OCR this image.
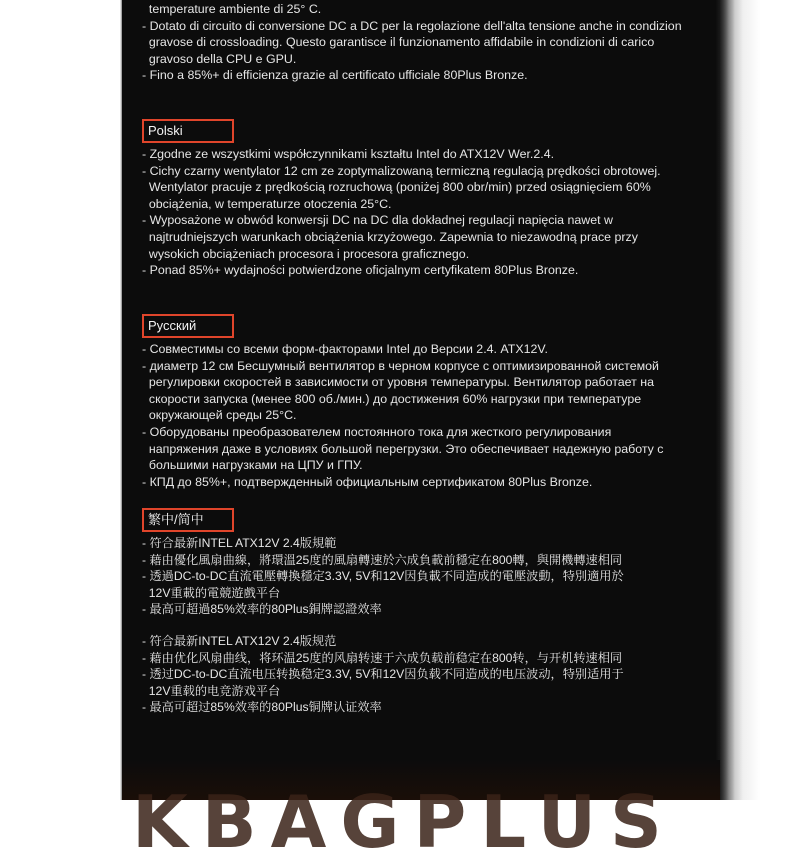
temperature ambiente di 25° C.
- Dotato di circuito di conversione DC a DC per la regolazione dell'alta tensione anche in condizion
gravose di crossloading. Questo garantisce il funzionamento affidabile in condizioni di carico
gravoso della CPU e GPU.
- Fino a 85%+ di efficienza grazie al certificato ufficiale 80Plus Bronze.
Polski
- Zgodne ze wszystkimi współczynnikami kształtu Intel do ATX12V Wer.2.4.
- Cichy czarny wentylator 12 cm ze zoptymalizowaną termiczną regulacją prędkości obrotowej.
Wentylator pracuje z prędkością rozruchową (poniżej 800 obr/min) przed osiągnięciem 60%
obciążenia, w temperaturze otoczenia 25°C.
- Wyposażone w obwód konwersji DC na DC dla dokładnej regulacji napięcia nawet w
najtrudniejszych warunkach obciążenia krzyżowego. Zapewnia to niezawodną prace przy
wysokich obciążeniach procesora i procesora graficznego.
- Ponad 85%+ wydajności potwierdzone oficjalnym certyfikatem 80Plus Bronze.
Русский
- Совместимы со всеми форм-факторами Intel до Версии 2.4. ATX12V.
- диаметр 12 см Бесшумный вентилятор в черном корпусе с оптимизированной системой
регулировки скоростей в зависимости от уровня температуры. Вентилятор работает на
скорости запуска (менее 800 об./мин.) до достижения 60% нагрузки при температуре
окружающей среды 25°С.
- Оборудованы преобразователем постоянного тока для жесткого регулирования
напряжения даже в условиях большой перегрузки. Это обеспечивает надежную работу с
большими нагрузками на ЦПУ и ГПУ.
- КПД до 85%+, подтвержденный официальным сертификатом 80Plus Bronze.
繁中/简中
- 符合最新INTEL ATX12V 2.4版規範
- 藉由優化風扇曲線，將環溫25度的風扇轉速於六成負載前穩定在800轉，與開機轉速相同
- 透過DC-to-DC直流電壓轉換穩定3.3V, 5V和12V因負載不同造成的電壓波動，特別適用於
12V重載的電競遊戲平台
- 最高可超過85%效率的80Plus銅牌認證效率
- 符合最新INTEL ATX12V 2.4版规范
- 藉由优化风扇曲线，将环温25度的风扇转速于六成负载前稳定在800转，与开机转速相同
- 透过DC-to-DC直流电压转换稳定3.3V, 5V和12V因负载不同造成的电压波动，特别适用于
12V重载的电竞游戏平台
- 最高可超过85%效率的80Plus铜牌认证效率
KBAGPLUS
